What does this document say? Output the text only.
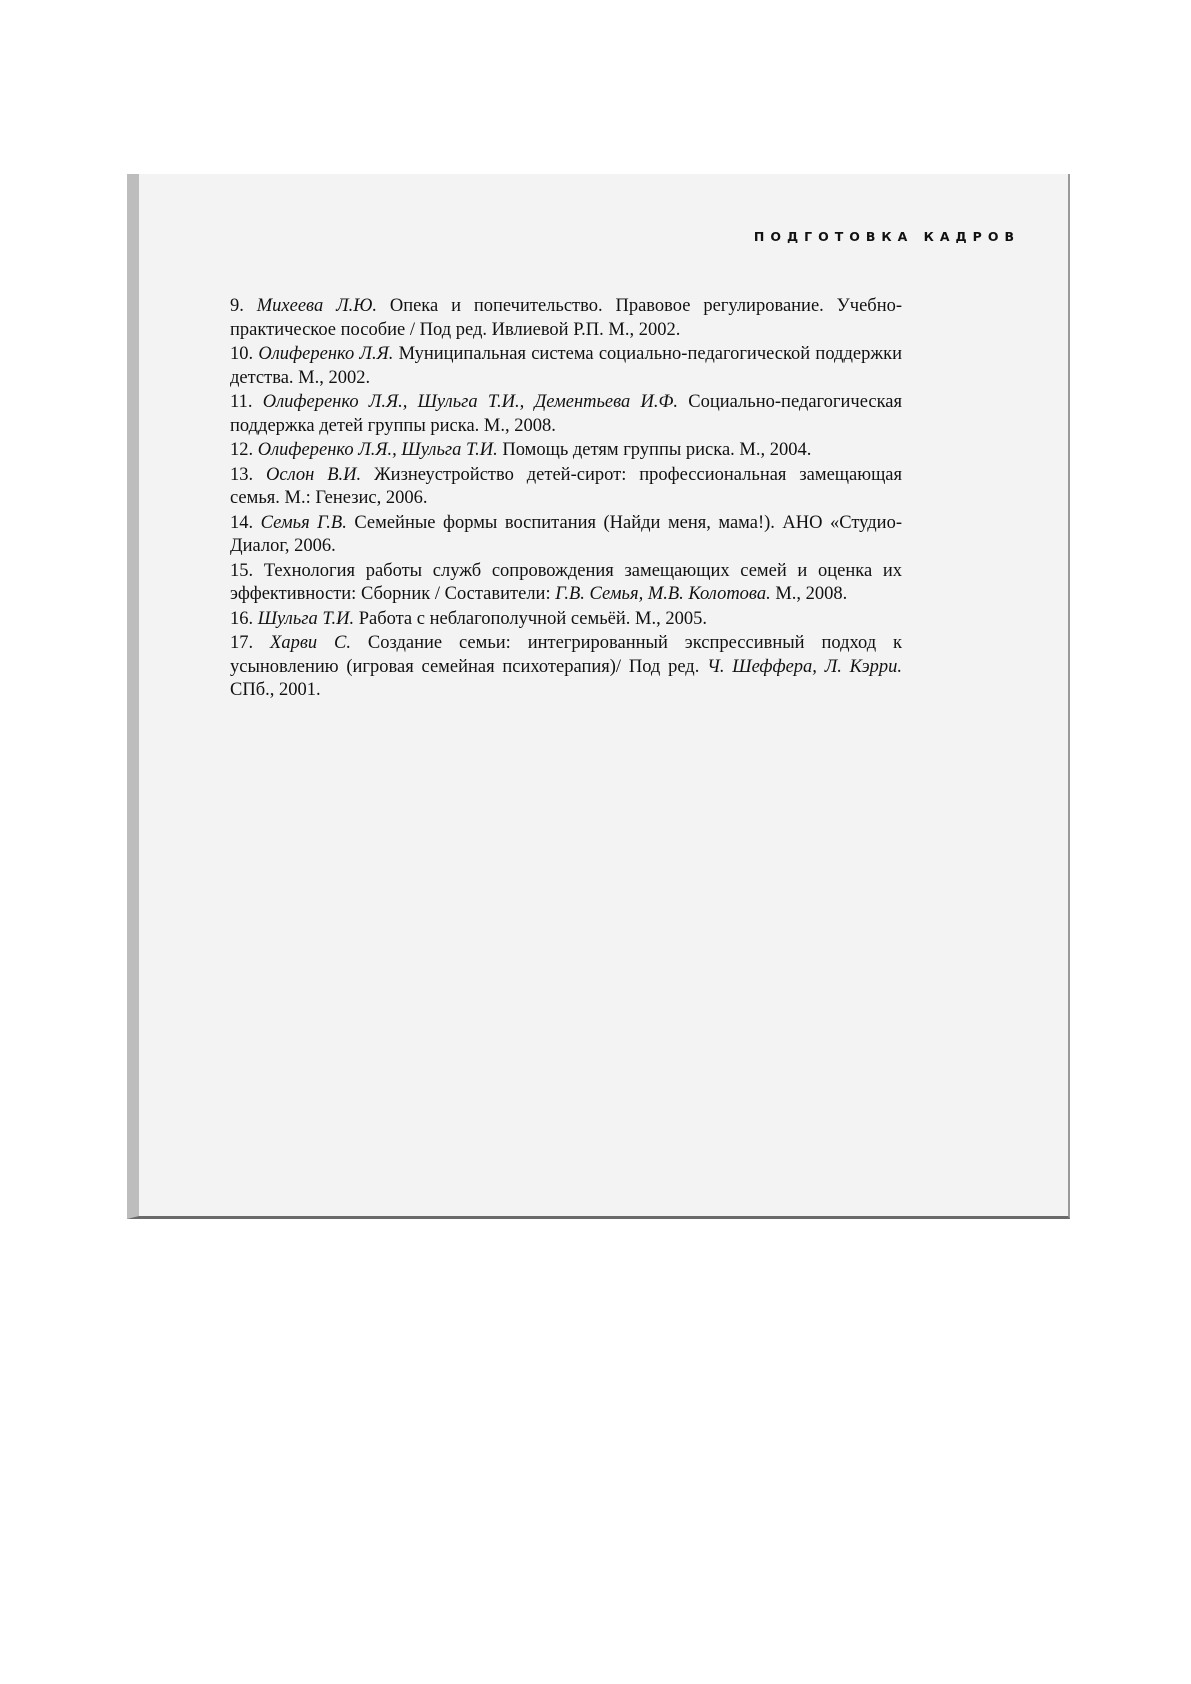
ПОДГОТОВКА КАДРОВ

9. Михеева Л.Ю. Опека и попечительство. Правовое регулирование. Учебно-практическое пособие / Под ред. Ивлиевой Р.П. М., 2002.

10. Олиференко Л.Я. Муниципальная система социально-педагогической поддержки детства. М., 2002.

11. Олиференко Л.Я., Шульга Т.И., Дементьева И.Ф. Социально-педагогическая поддержка детей группы риска. М., 2008.

12. Олиференко Л.Я., Шульга Т.И. Помощь детям группы риска. М., 2004.

13. Ослон В.И. Жизнеустройство детей-сирот: профессиональная замещающая семья. М.: Генезис, 2006.

14. Семья Г.В. Семейные формы воспитания (Найди меня, мама!). АНО «Студио-Диалог, 2006.

15. Технология работы служб сопровождения замещающих семей и оценка их эффективности: Сборник / Составители: Г.В. Семья, М.В. Колотова. М., 2008.

16. Шульга Т.И. Работа с неблагополучной семьёй. М., 2005.

17. Харви С. Создание семьи: интегрированный экспрессивный подход к усыновлению (игровая семейная психотерапия)/ Под ред. Ч. Шеффера, Л. Кэрри. СПб., 2001.
